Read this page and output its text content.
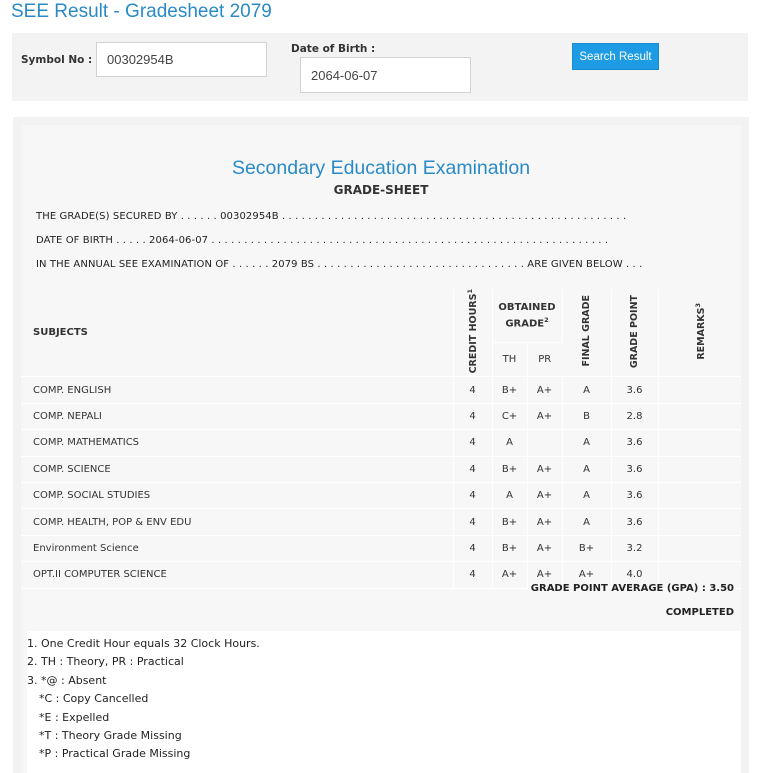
SEE Result - Gradesheet 2079
Symbol No :
00302954B
Date of Birth :
2064-06-07
Search Result
Secondary Education Examination
GRADE-SHEET
THE GRADE(S) SECURED BY . . . . . . 00302954B . . . . . . . . . . . . . . . . . . . . . . . . . . . . . . . . . . . . . . . . . . . . . . . . . . . . .
DATE OF BIRTH . . . . . 2064-06-07 . . . . . . . . . . . . . . . . . . . . . . . . . . . . . . . . . . . . . . . . . . . . . . . . . . . . . . . . . . . . .
IN THE ANNUAL SEE EXAMINATION OF . . . . . . 2079 BS . . . . . . . . . . . . . . . . . . . . . . . . . . . . . . . . ARE GIVEN BELOW . . .
SUBJECTS	CREDIT HOURS$^1$	OBTAINED GRADE$^2$		FINAL GRADE	GRADE POINT	REMARKS$^3$
		TH	PR			
COMP. ENGLISH	4	B+	A+	A	3.6	
COMP. NEPALI	4	C+	A+	B	2.8	
COMP. MATHEMATICS	4	A		A	3.6	
COMP. SCIENCE	4	B+	A+	A	3.6	
COMP. SOCIAL STUDIES	4	A	A+	A	3.6	
COMP. HEALTH, POP & ENV EDU	4	B+	A+	A	3.6	
Environment Science	4	B+	A+	B+	3.2	
OPT.II COMPUTER SCIENCE	4	A+	A+	A+	4.0	
GRADE POINT AVERAGE (GPA) : 3.50
COMPLETED
1. One Credit Hour equals 32 Clock Hours.
2. TH : Theory, PR : Practical
3. *@ : Absent
*C : Copy Cancelled
*E : Expelled
*T : Theory Grade Missing
*P : Practical Grade Missing
